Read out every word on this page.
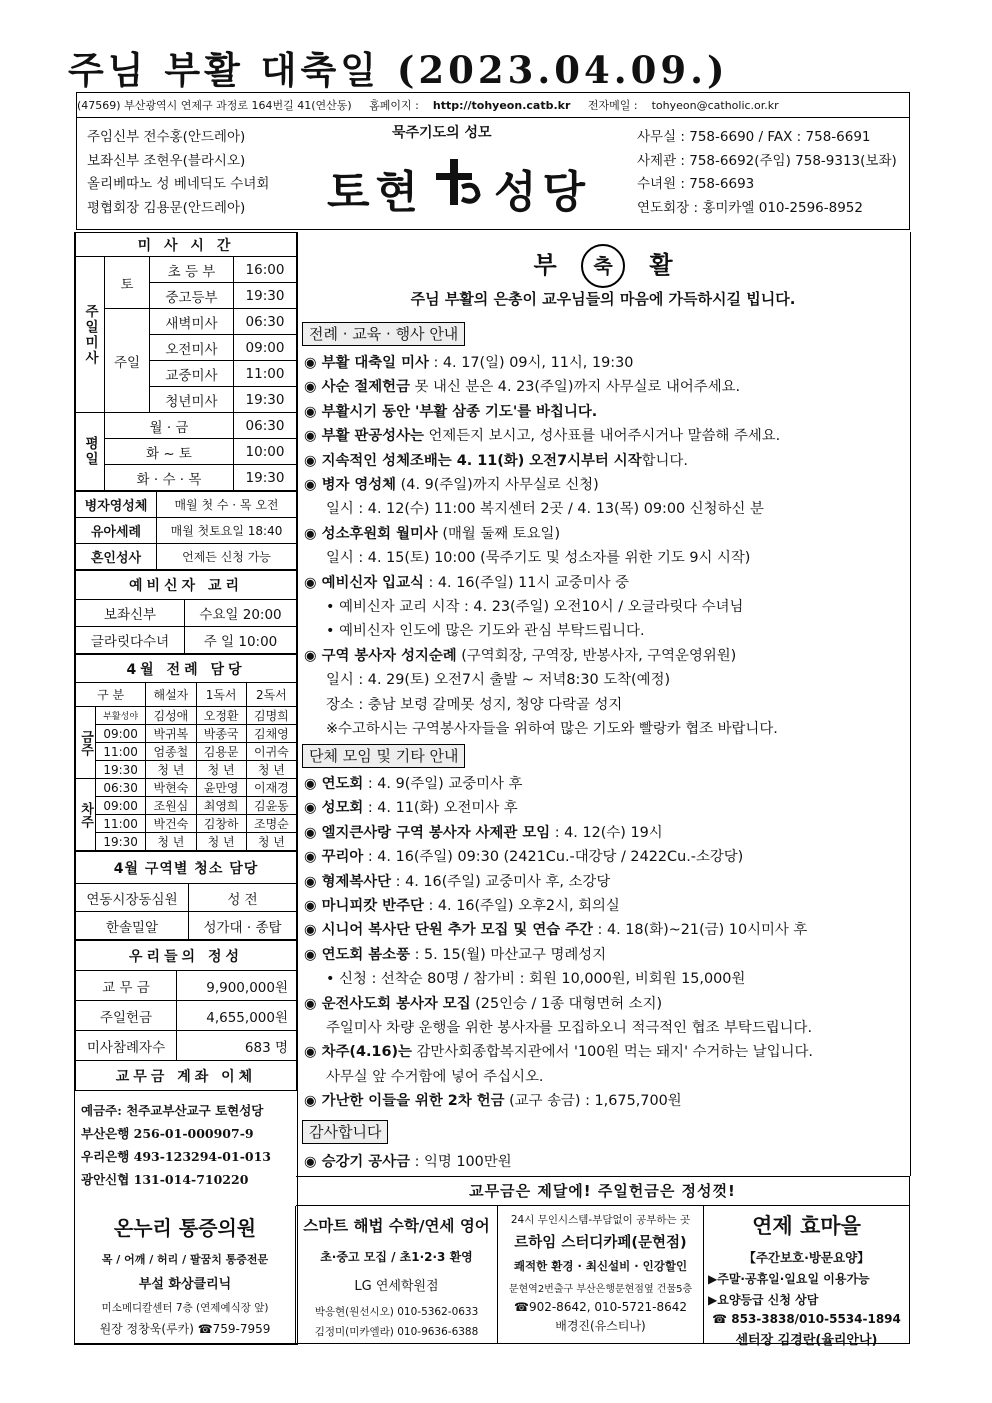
주님 부활 대축일 (2023.04.09.)
(47569) 부산광역시 연제구 과정로 164번길 41(연산동) 홈페이지 : http://tohyeon.catb.kr 전자메일 : tohyeon@catholic.or.kr
주임신부 전수홍(안드레아)
보좌신부 조현우(블라시오)
올리베따노 성 베네딕도 수녀회
평협회장 김용문(안드레아)
묵주기도의 성모
토현 성당
사무실 : 758-6690 / FAX : 758-6691
사제관 : 758-6692(주임) 758-9313(보좌)
수녀원 : 758-6693
연도회장 : 홍미카엘 010-2596-8952
미 사 시 간			
주일미사	토	초 등 부	16:00
		중고등부	19:30
	주일	새벽미사	06:30
		오전미사	09:00
		교중미사	11:00
		청년미사	19:30
평일	월 · 금		06:30
	화 ~ 토		10:00
	화 · 수 · 목		19:30
병자영성체	매월 첫 수 · 목 오전
유아세례	매월 첫토요일 18:40
혼인성사	언제든 신청 가능
예비신자 교리	
보좌신부	수요일 20:00
글라릿다수녀	주 일 10:00
4월 전례 담당				
구 분		해설자	1독서	2독서
금주	부활성야	김성애	오정환	김명희
	09:00	박귀복	박종국	김채영
	11:00	엄종철	김용문	이귀숙
	19:30	청 년	청 년	청 년
차주	06:30	박현숙	윤만영	이재경
	09:00	조원심	최영희	김윤동
	11:00	박건숙	김창하	조명순
	19:30	청 년	청 년	청 년
4월 구역별 청소 담당	
연동시장동심원	성 전
한솔밀알	성가대 · 종탑
우리들의 정성	
교 무 금	9,900,000원
주일헌금	4,655,000원
미사참례자수	683 명
교무금 계좌 이체	
예금주: 천주교부산교구 토현성당
부산은행 256-01-000907-9
우리은행 493-123294-01-013
광안신협 131-014-710220
부 축 활
주님 부활의 은총이 교우님들의 마음에 가득하시길 빕니다.
전례 · 교육 · 행사 안내
◉ 부활 대축일 미사 : 4. 17(일) 09시, 11시, 19:30
◉ 사순 절제헌금 못 내신 분은 4. 23(주일)까지 사무실로 내어주세요.
◉ 부활시기 동안 '부활 삼종 기도'를 바칩니다.
◉ 부활 판공성사는 언제든지 보시고, 성사표를 내어주시거나 말씀해 주세요.
◉ 지속적인 성체조배는 4. 11(화) 오전7시부터 시작합니다.
◉ 병자 영성체 (4. 9(주일)까지 사무실로 신청)
일시 : 4. 12(수) 11:00 복지센터 2곳 / 4. 13(목) 09:00 신청하신 분
◉ 성소후원회 월미사 (매월 둘째 토요일)
일시 : 4. 15(토) 10:00 (묵주기도 및 성소자를 위한 기도 9시 시작)
◉ 예비신자 입교식 : 4. 16(주일) 11시 교중미사 중
• 예비신자 교리 시작 : 4. 23(주일) 오전10시 / 오글라릿다 수녀님
• 예비신자 인도에 많은 기도와 관심 부탁드립니다.
◉ 구역 봉사자 성지순례 (구역회장, 구역장, 반봉사자, 구역운영위원)
일시 : 4. 29(토) 오전7시 출발 ~ 저녁8:30 도착(예정)
장소 : 충남 보령 갈메못 성지, 청양 다락골 성지
※수고하시는 구역봉사자들을 위하여 많은 기도와 빨랑카 협조 바랍니다.
단체 모임 및 기타 안내
◉ 연도회 : 4. 9(주일) 교중미사 후
◉ 성모회 : 4. 11(화) 오전미사 후
◉ 엘지큰사랑 구역 봉사자 사제관 모임 : 4. 12(수) 19시
◉ 꾸리아 : 4. 16(주일) 09:30 (2421Cu.-대강당 / 2422Cu.-소강당)
◉ 형제복사단 : 4. 16(주일) 교중미사 후, 소강당
◉ 마니피캇 반주단 : 4. 16(주일) 오후2시, 회의실
◉ 시니어 복사단 단원 추가 모집 및 연습 주간 : 4. 18(화)~21(금) 10시미사 후
◉ 연도회 봄소풍 : 5. 15(월) 마산교구 명례성지
• 신청 : 선착순 80명 / 참가비 : 회원 10,000원, 비회원 15,000원
◉ 운전사도회 봉사자 모집 (25인승 / 1종 대형면허 소지)
주일미사 차량 운행을 위한 봉사자를 모집하오니 적극적인 협조 부탁드립니다.
◉ 차주(4.16)는 감만사회종합복지관에서 '100원 먹는 돼지' 수거하는 날입니다.
사무실 앞 수거함에 넣어 주십시오.
◉ 가난한 이들을 위한 2차 헌금 (교구 송금) : 1,675,700원
감사합니다
◉ 승강기 공사금 : 익명 100만원
교무금은 제달에! 주일헌금은 정성껏!
온누리 통증의원
목 / 어깨 / 허리 / 팔꿈치 통증전문
부설 화상클리닉
미소메디칼센터 7층 (연제예식장 앞)
원장 정창욱(루카) ☎759-7959
스마트 해법 수학/연세 영어
초·중고 모집 / 초1·2·3 환영
LG 연세학원점
박응현(원선시오) 010-5362-0633
김정미(미카엘라) 010-9636-6388
24시 무인시스템-부담없이 공부하는 곳
르하임 스터디카페(문현점)
쾌적한 환경 · 최신설비 · 인강할인
문현역2번출구 부산은행문현점옆 건물5층
☎902-8642, 010-5721-8642
배경진(유스티나)
연제 효마을
【주간보호·방문요양】
▶주말·공휴일·일요일 이용가능
▶요양등급 신청 상담
☎ 853-3838/010-5534-1894
센터장 김경란(율리안나)
